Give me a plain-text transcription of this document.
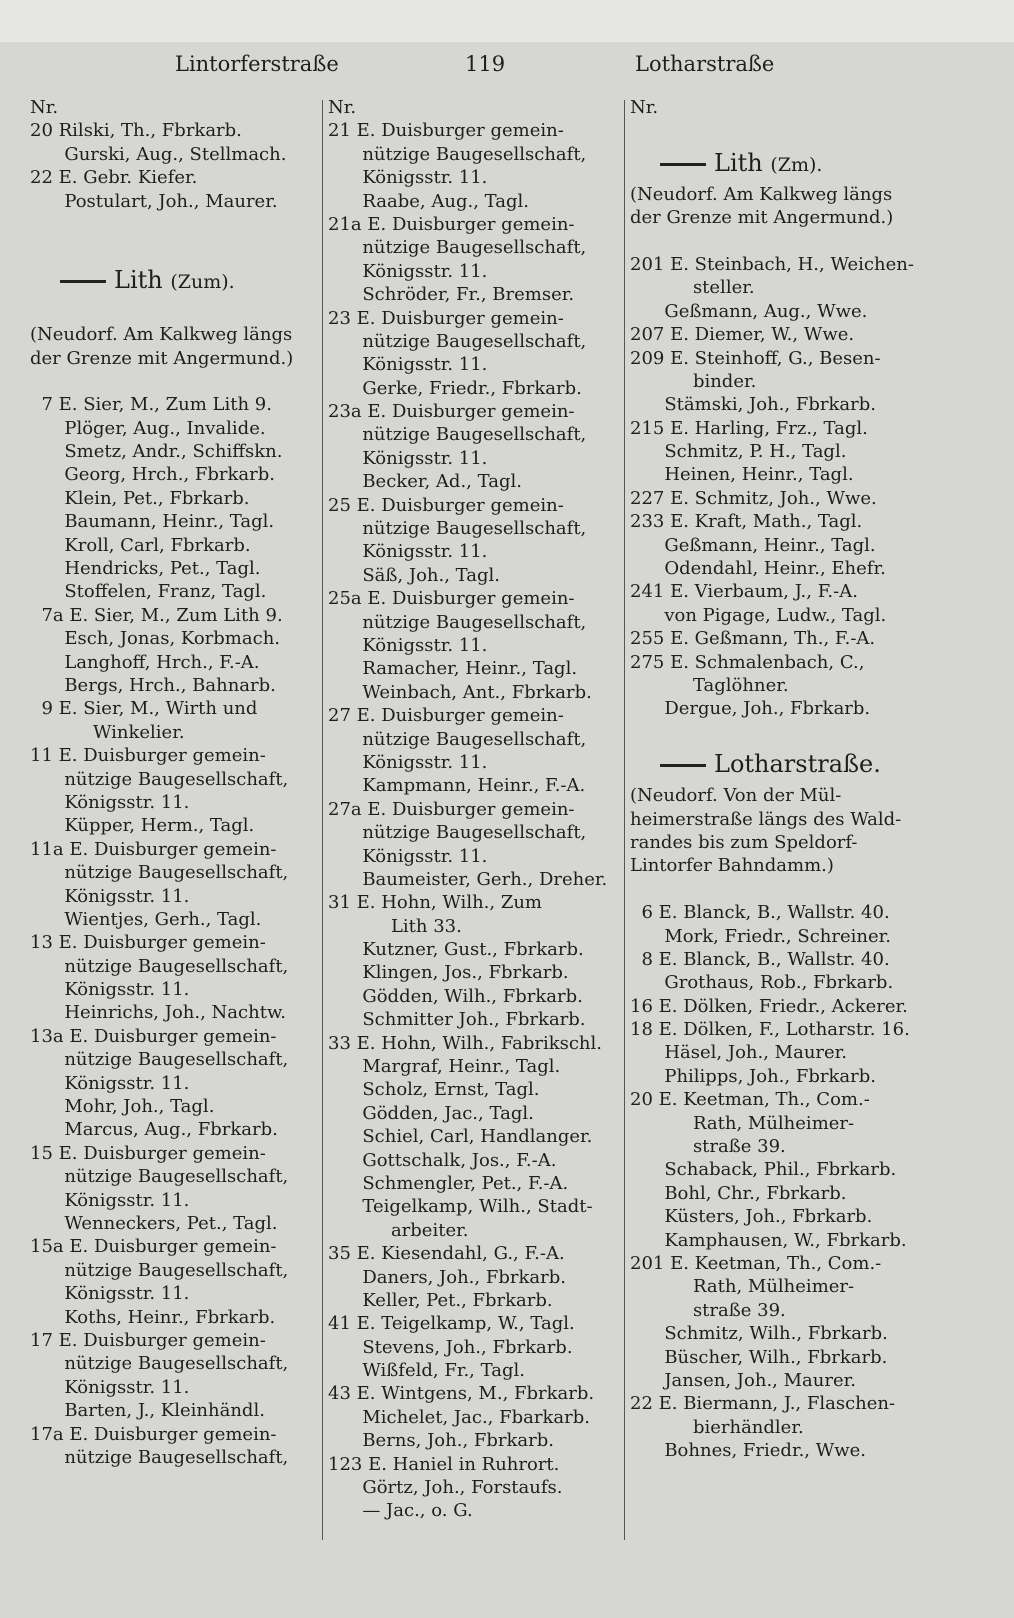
Lintorferstraße	119	Lotharstraße
Nr.
20 Rilski, Th., Fbrkarb.
Gurski, Aug., Stellmach.
22 E. Gebr. Kiefer.
Postulart, Joh., Maurer.
Lith (Zum).
(Neudorf. Am Kalkweg längs
der Grenze mit Angermund.)
7 E. Sier, M., Zum Lith 9.
Plöger, Aug., Invalide.
Smetz, Andr., Schiffskn.
Georg, Hrch., Fbrkarb.
Klein, Pet., Fbrkarb.
Baumann, Heinr., Tagl.
Kroll, Carl, Fbrkarb.
Hendricks, Pet., Tagl.
Stoffelen, Franz, Tagl.
7a E. Sier, M., Zum Lith 9.
Esch, Jonas, Korbmach.
Langhoff, Hrch., F.-A.
Bergs, Hrch., Bahnarb.
9 E. Sier, M., Wirth und
Winkelier.
11 E. Duisburger gemein-
nützige Baugesellschaft,
Königsstr. 11.
Küpper, Herm., Tagl.
11a E. Duisburger gemein-
nützige Baugesellschaft,
Königsstr. 11.
Wientjes, Gerh., Tagl.
13 E. Duisburger gemein-
nützige Baugesellschaft,
Königsstr. 11.
Heinrichs, Joh., Nachtw.
13a E. Duisburger gemein-
nützige Baugesellschaft,
Königsstr. 11.
Mohr, Joh., Tagl.
Marcus, Aug., Fbrkarb.
15 E. Duisburger gemein-
nützige Baugesellschaft,
Königsstr. 11.
Wenneckers, Pet., Tagl.
15a E. Duisburger gemein-
nützige Baugesellschaft,
Königsstr. 11.
Koths, Heinr., Fbrkarb.
17 E. Duisburger gemein-
nützige Baugesellschaft,
Königsstr. 11.
Barten, J., Kleinhändl.
17a E. Duisburger gemein-
nützige Baugesellschaft,
Nr.
21 E. Duisburger gemein-
nützige Baugesellschaft,
Königsstr. 11.
Raabe, Aug., Tagl.
21a E. Duisburger gemein-
nützige Baugesellschaft,
Königsstr. 11.
Schröder, Fr., Bremser.
23 E. Duisburger gemein-
nützige Baugesellschaft,
Königsstr. 11.
Gerke, Friedr., Fbrkarb.
23a E. Duisburger gemein-
nützige Baugesellschaft,
Königsstr. 11.
Becker, Ad., Tagl.
25 E. Duisburger gemein-
nützige Baugesellschaft,
Königsstr. 11.
Säß, Joh., Tagl.
25a E. Duisburger gemein-
nützige Baugesellschaft,
Königsstr. 11.
Ramacher, Heinr., Tagl.
Weinbach, Ant., Fbrkarb.
27 E. Duisburger gemein-
nützige Baugesellschaft,
Königsstr. 11.
Kampmann, Heinr., F.-A.
27a E. Duisburger gemein-
nützige Baugesellschaft,
Königsstr. 11.
Baumeister, Gerh., Dreher.
31 E. Hohn, Wilh., Zum
Lith 33.
Kutzner, Gust., Fbrkarb.
Klingen, Jos., Fbrkarb.
Gödden, Wilh., Fbrkarb.
Schmitter Joh., Fbrkarb.
33 E. Hohn, Wilh., Fabrikschl.
Margraf, Heinr., Tagl.
Scholz, Ernst, Tagl.
Gödden, Jac., Tagl.
Schiel, Carl, Handlanger.
Gottschalk, Jos., F.-A.
Schmengler, Pet., F.-A.
Teigelkamp, Wilh., Stadt-
arbeiter.
35 E. Kiesendahl, G., F.-A.
Daners, Joh., Fbrkarb.
Keller, Pet., Fbrkarb.
41 E. Teigelkamp, W., Tagl.
Stevens, Joh., Fbrkarb.
Wißfeld, Fr., Tagl.
43 E. Wintgens, M., Fbrkarb.
Michelet, Jac., Fbarkarb.
Berns, Joh., Fbrkarb.
123 E. Haniel in Ruhrort.
Görtz, Joh., Forstaufs.
— Jac., o. G.
Nr.
Lith (Zm).
(Neudorf. Am Kalkweg längs
der Grenze mit Angermund.)
201 E. Steinbach, H., Weichen-
steller.
Geßmann, Aug., Wwe.
207 E. Diemer, W., Wwe.
209 E. Steinhoff, G., Besen-
binder.
Stämski, Joh., Fbrkarb.
215 E. Harling, Frz., Tagl.
Schmitz, P. H., Tagl.
Heinen, Heinr., Tagl.
227 E. Schmitz, Joh., Wwe.
233 E. Kraft, Math., Tagl.
Geßmann, Heinr., Tagl.
Odendahl, Heinr., Ehefr.
241 E. Vierbaum, J., F.-A.
von Pigage, Ludw., Tagl.
255 E. Geßmann, Th., F.-A.
275 E. Schmalenbach, C.,
Taglöhner.
Dergue, Joh., Fbrkarb.
Lotharstraße.
(Neudorf. Von der Mül-
heimerstraße längs des Wald-
randes bis zum Speldorf-
Lintorfer Bahndamm.)
6 E. Blanck, B., Wallstr. 40.
Mork, Friedr., Schreiner.
8 E. Blanck, B., Wallstr. 40.
Grothaus, Rob., Fbrkarb.
16 E. Dölken, Friedr., Ackerer.
18 E. Dölken, F., Lotharstr. 16.
Häsel, Joh., Maurer.
Philipps, Joh., Fbrkarb.
20 E. Keetman, Th., Com.-
Rath, Mülheimer-
straße 39.
Schaback, Phil., Fbrkarb.
Bohl, Chr., Fbrkarb.
Küsters, Joh., Fbrkarb.
Kamphausen, W., Fbrkarb.
201 E. Keetman, Th., Com.-
Rath, Mülheimer-
straße 39.
Schmitz, Wilh., Fbrkarb.
Büscher, Wilh., Fbrkarb.
Jansen, Joh., Maurer.
22 E. Biermann, J., Flaschen-
bierhändler.
Bohnes, Friedr., Wwe.
